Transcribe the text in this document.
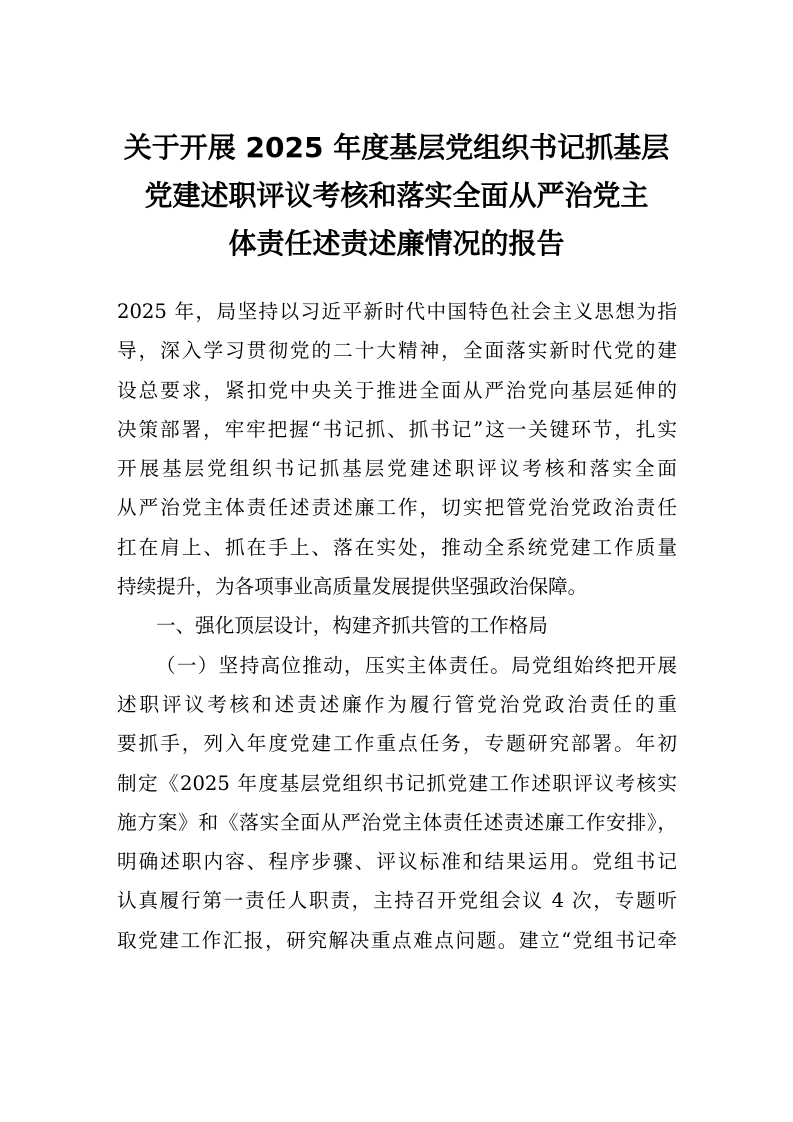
关于开展 2025 年度基层党组织书记抓基层
党建述职评议考核和落实全面从严治党主
体责任述责述廉情况的报告
2025 年，局坚持以习近平新时代中国特色社会主义思想为指
导，深入学习贯彻党的二十大精神，全面落实新时代党的建
设总要求，紧扣党中央关于推进全面从严治党向基层延伸的
决策部署，牢牢把握“书记抓、抓书记”这一关键环节，扎实
开展基层党组织书记抓基层党建述职评议考核和落实全面
从严治党主体责任述责述廉工作，切实把管党治党政治责任
扛在肩上、抓在手上、落在实处，推动全系统党建工作质量
持续提升，为各项事业高质量发展提供坚强政治保障。
一、强化顶层设计，构建齐抓共管的工作格局
（一）坚持高位推动，压实主体责任。局党组始终把开展
述职评议考核和述责述廉作为履行管党治党政治责任的重
要抓手，列入年度党建工作重点任务，专题研究部署。年初
制定《2025 年度基层党组织书记抓党建工作述职评议考核实
施方案》和《落实全面从严治党主体责任述责述廉工作安排》，
明确述职内容、程序步骤、评议标准和结果运用。党组书记
认真履行第一责任人职责，主持召开党组会议 4 次，专题听
取党建工作汇报，研究解决重点难点问题。建立“党组书记牵
